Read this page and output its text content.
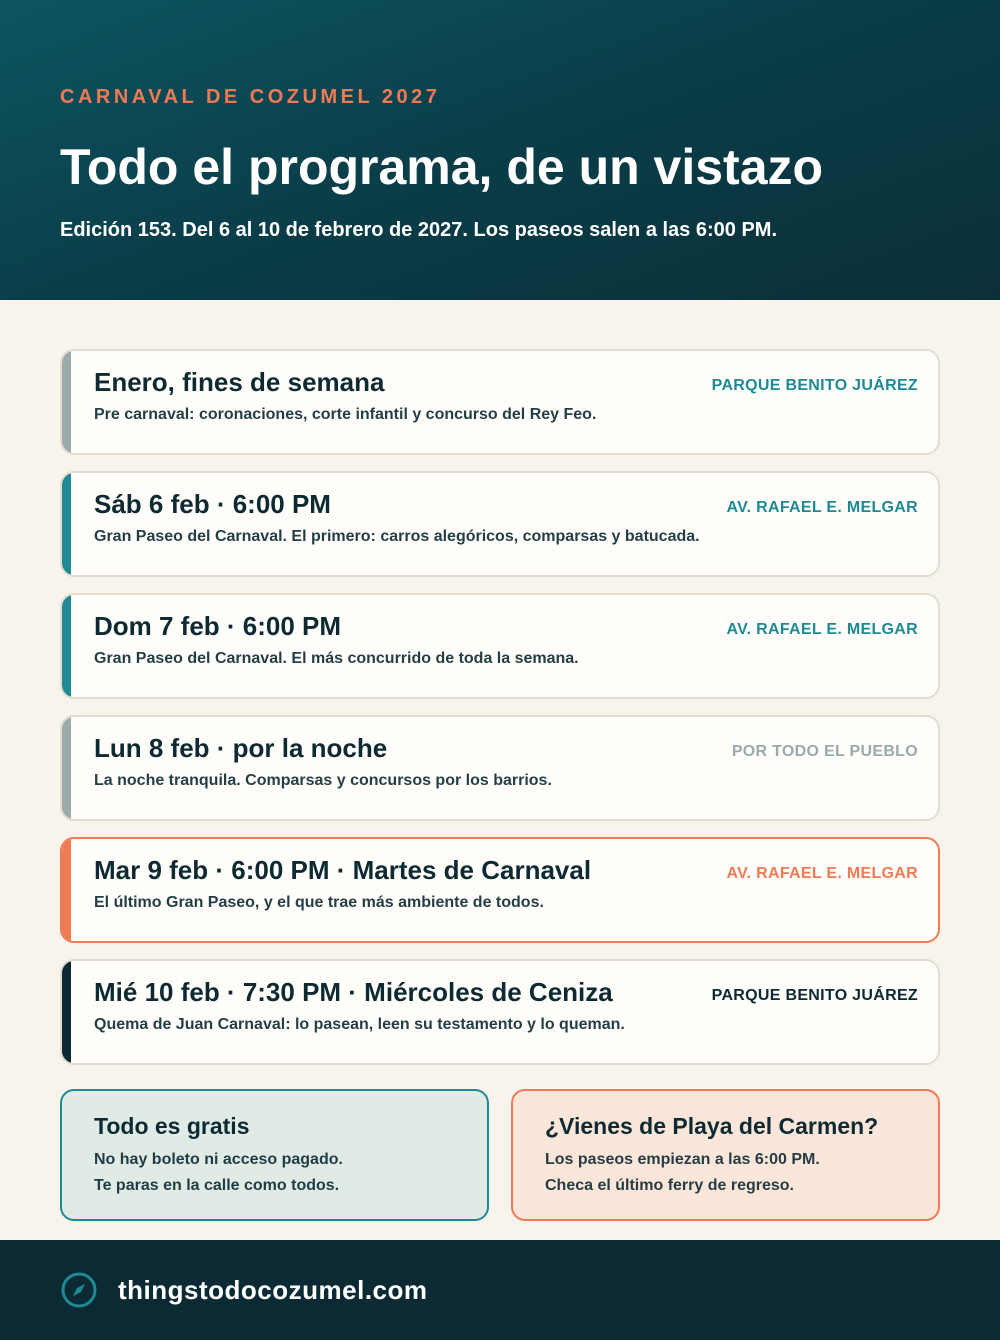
CARNAVAL DE COZUMEL 2027
Todo el programa, de un vistazo

Edición 153. Del 6 al 10 de febrero de 2027. Los paseos salen a las 6:00 PM.

Enero, fines de semana
Pre carnaval: coronaciones, corte infantil y concurso del Rey Feo.
PARQUE BENITO JUÁREZ
Sáb 6 feb · 6:00 PM
Gran Paseo del Carnaval. El primero: carros alegóricos, comparsas y batucada.
AV. RAFAEL E. MELGAR
Dom 7 feb · 6:00 PM
Gran Paseo del Carnaval. El más concurrido de toda la semana.
AV. RAFAEL E. MELGAR
Lun 8 feb · por la noche
La noche tranquila. Comparsas y concursos por los barrios.
POR TODO EL PUEBLO
Mar 9 feb · 6:00 PM · Martes de Carnaval
El último Gran Paseo, y el que trae más ambiente de todos.
AV. RAFAEL E. MELGAR
Mié 10 feb · 7:30 PM · Miércoles de Ceniza
Quema de Juan Carnaval: lo pasean, leen su testamento y lo queman.
PARQUE BENITO JUÁREZ
Todo es gratis
No hay boleto ni acceso pagado.
Te paras en la calle como todos.
¿Vienes de Playa del Carmen?
Los paseos empiezan a las 6:00 PM.
Checa el último ferry de regreso.
thingstodocozumel.com
